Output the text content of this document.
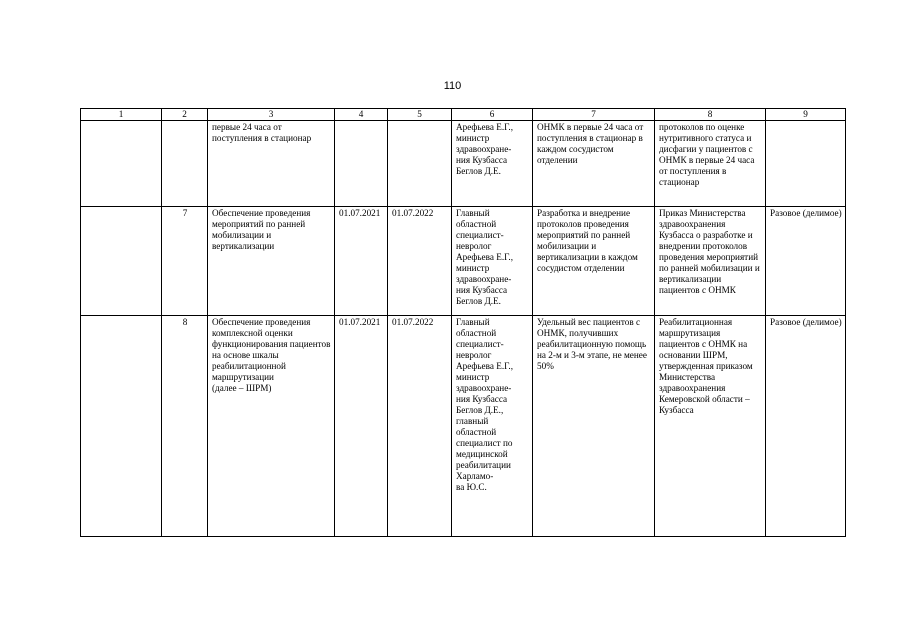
110
1	2	3	4	5	6	7	8	9
		первые 24 часа от поступления в стационар			Арефьева Е.Г., министр здравоохране-
ния Кузбасса Беглов Д.Е.	ОНМК в первые 24 часа от поступления в стационар в каждом сосудистом отделении	протоколов по оценке нутритивного статуса и дисфагии у пациентов с ОНМК в первые 24 часа от поступления в стационар	
	7	Обеспечение проведения мероприятий по ранней мобилизации и вертикализации	01.07.2021	01.07.2022	Главный областной специалист-
невролог Арефьева Е.Г., министр здравоохране-
ния Кузбасса Беглов Д.Е.	Разработка и внедрение протоколов проведения мероприятий по ранней мобилизации и вертикализации в каждом сосудистом отделении	Приказ Министерства здравоохранения Кузбасса о разработке и внедрении протоколов проведения мероприятий по ранней мобилизации и вертикализации пациентов с ОНМК	Разовое (делимое)
	8	Обеспечение проведения комплексной оценки функционирования пациентов на основе шкалы реабилитационной маршрутизации
(далее – ШРМ)	01.07.2021	01.07.2022	Главный областной специалист-
невролог Арефьева Е.Г., министр здравоохране-
ния Кузбасса Беглов Д.Е., главный областной специалист по медицинской реабилитации Харламо-
ва Ю.С.	Удельный вес пациентов с ОНМК, получивших реабилитационную помощь на 2-м и 3-м этапе, не менее 50%	Реабилитационная маршрутизация пациентов с ОНМК на основании ШРМ, утвержденная приказом Министерства здравоохранения Кемеровской области – Кузбасса	Разовое (делимое)
